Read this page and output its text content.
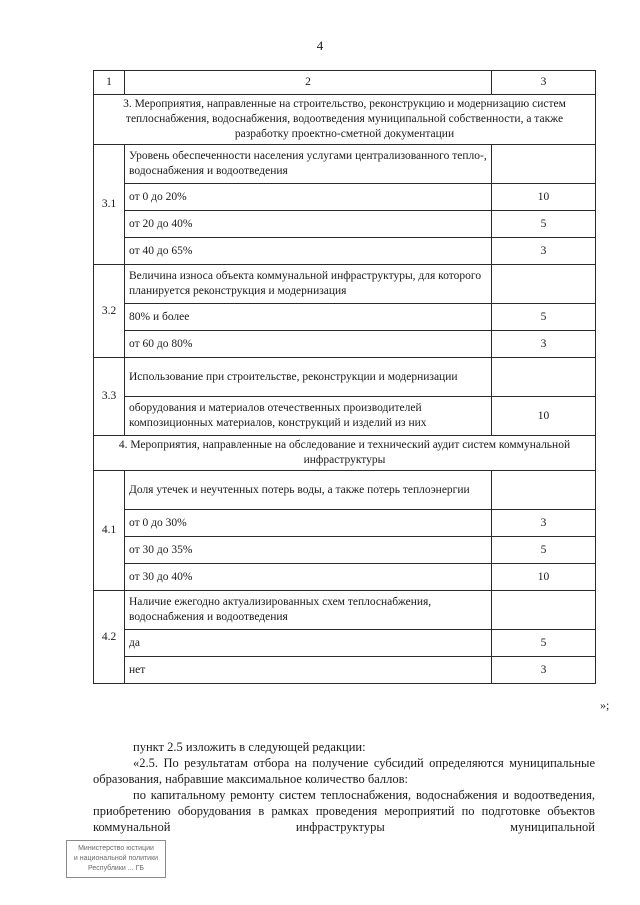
4
1	2	3
3. Мероприятия, направленные на строительство, реконструкцию и модернизацию систем теплоснабжения, водоснабжения, водоотведения муниципальной собственности, а также разработку проектно-сметной документации		
3.1	Уровень обеспеченности населения услугами централизованного тепло-, водоснабжения и водоотведения	
	от 0 до 20%	10
	от 20 до 40%	5
	от 40 до 65%	3
3.2	Величина износа объекта коммунальной инфраструктуры, для которого планируется реконструкция и модернизация	
	80% и более	5
	от 60 до 80%	3
3.3	Использование при строительстве, реконструкции и модернизации	
	оборудования и материалов отечественных производителей композиционных материалов, конструкций и изделий из них	10
4. Мероприятия, направленные на обследование и технический аудит систем коммунальной инфраструктуры		
4.1	Доля утечек и неучтенных потерь воды, а также потерь теплоэнергии	
	от 0 до 30%	3
	от 30 до 35%	5
	от 30 до 40%	10
4.2	Наличие ежегодно актуализированных схем теплоснабжения, водоснабжения и водоотведения	
	да	5
	нет	3
»;
пункт 2.5 изложить в следующей редакции:
«2.5. По результатам отбора на получение субсидий определяются муниципальные образования, набравшие максимальное количество баллов:
по капитальному ремонту систем теплоснабжения, водоснабжения и водоотведения, приобретению оборудования в рамках проведения мероприятий по подготовке объектов коммунальной инфраструктуры муниципальной
Министерство юстиции
и национальной политики
Республики ... ГБ
